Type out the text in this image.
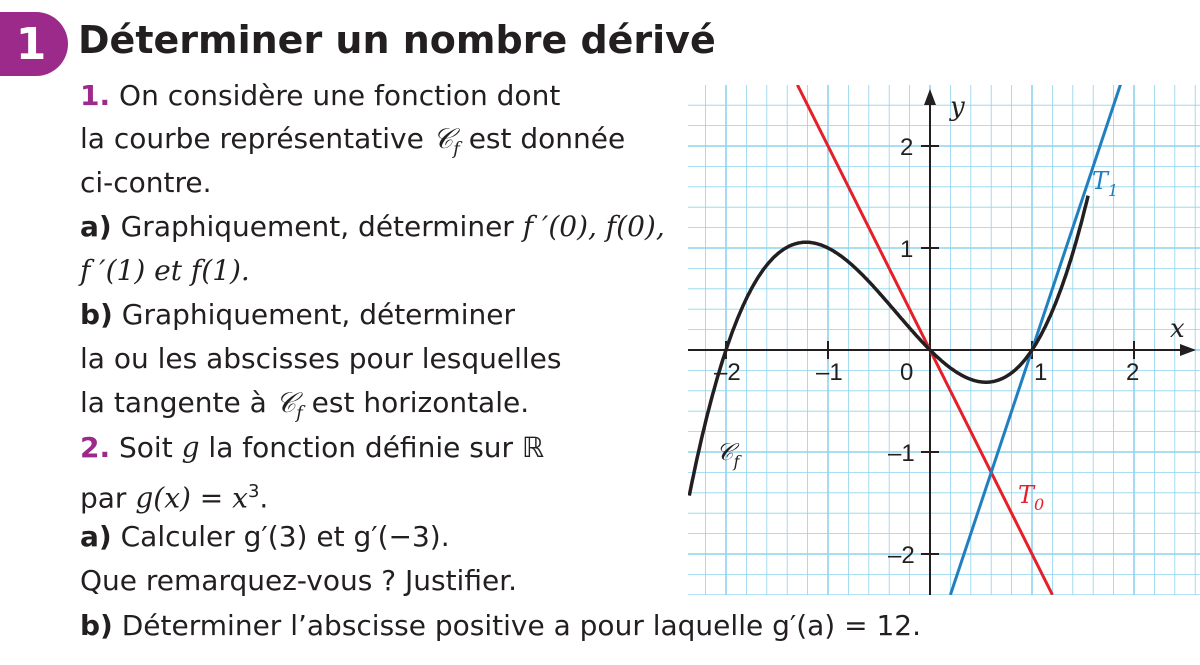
1 Déterminer un nombre dérivé
1. On considère une fonction dont
la courbe représentative 𝒞$_f$ est donnée
ci-contre.
a) Graphiquement, déterminer f ′(0), f(0),
f ′(1) et f(1).
b) Graphiquement, déterminer
la ou les abscisses pour lesquelles
la tangente à 𝒞$_f$ est horizontale.
2. Soit g la fonction définie sur ℝ
par $g(x) = x^3$.
a) Calculer g′(3) et g′(−3).
Que remarquez-vous ? Justifier.
b) Déterminer l’abscisse positive a pour laquelle g′(a) = 12.
x
y
–2	–1 0	1	2
2
1
–1
–2
𝒞$_f$
$T_0$
$T_1$
